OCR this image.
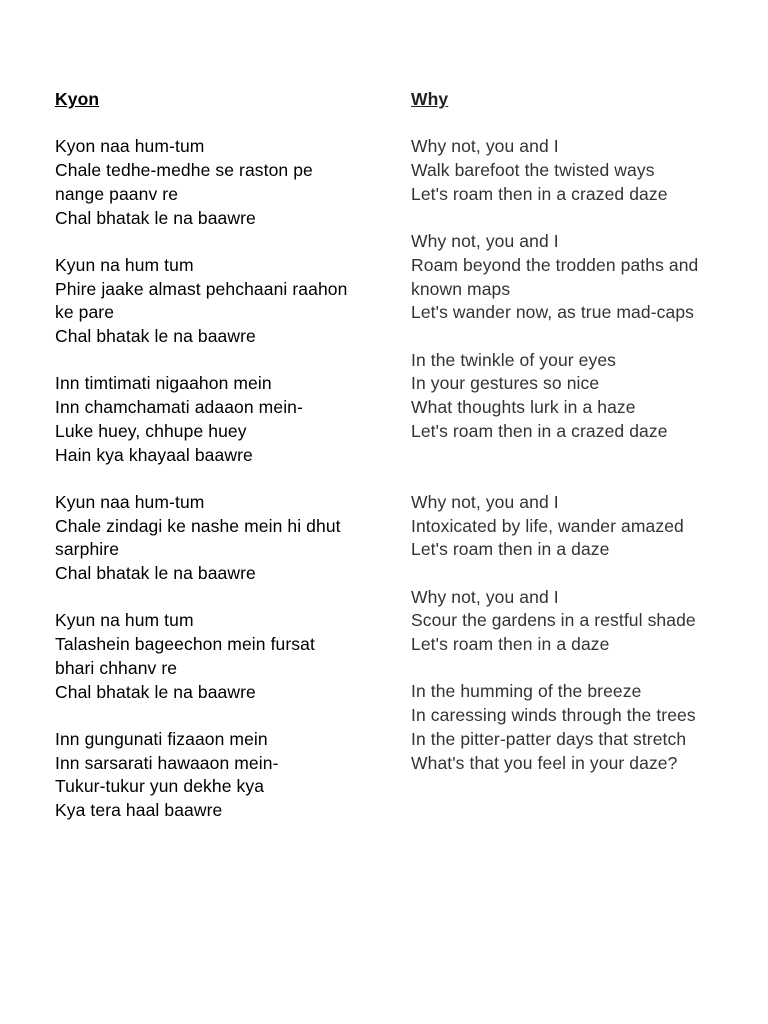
Kyon
Kyon naa hum-tum
Chale tedhe-medhe se raston pe
nange paanv re
Chal bhatak le na baawre
Kyun na hum tum
Phire jaake almast pehchaani raahon
ke pare
Chal bhatak le na baawre
Inn timtimati nigaahon mein
Inn chamchamati adaaon mein-
Luke huey, chhupe huey
Hain kya khayaal baawre
Kyun naa hum-tum
Chale zindagi ke nashe mein hi dhut
sarphire
Chal bhatak le na baawre
Kyun na hum tum
Talashein bageechon mein fursat
bhari chhanv re
Chal bhatak le na baawre
Inn gungunati fizaaon mein
Inn sarsarati hawaaon mein-
Tukur-tukur yun dekhe kya
Kya tera haal baawre
Why
Why not, you and I
Walk barefoot the twisted ways
Let's roam then in a crazed daze
Why not, you and I
Roam beyond the trodden paths and
known maps
Let's wander now, as true mad-caps
In the twinkle of your eyes
In your gestures so nice
What thoughts lurk in a haze
Let's roam then in a crazed daze
Why not, you and I
Intoxicated by life, wander amazed
Let's roam then in a daze
Why not, you and I
Scour the gardens in a restful shade
Let's roam then in a daze
In the humming of the breeze
In caressing winds through the trees
In the pitter-patter days that stretch
What's that you feel in your daze?
